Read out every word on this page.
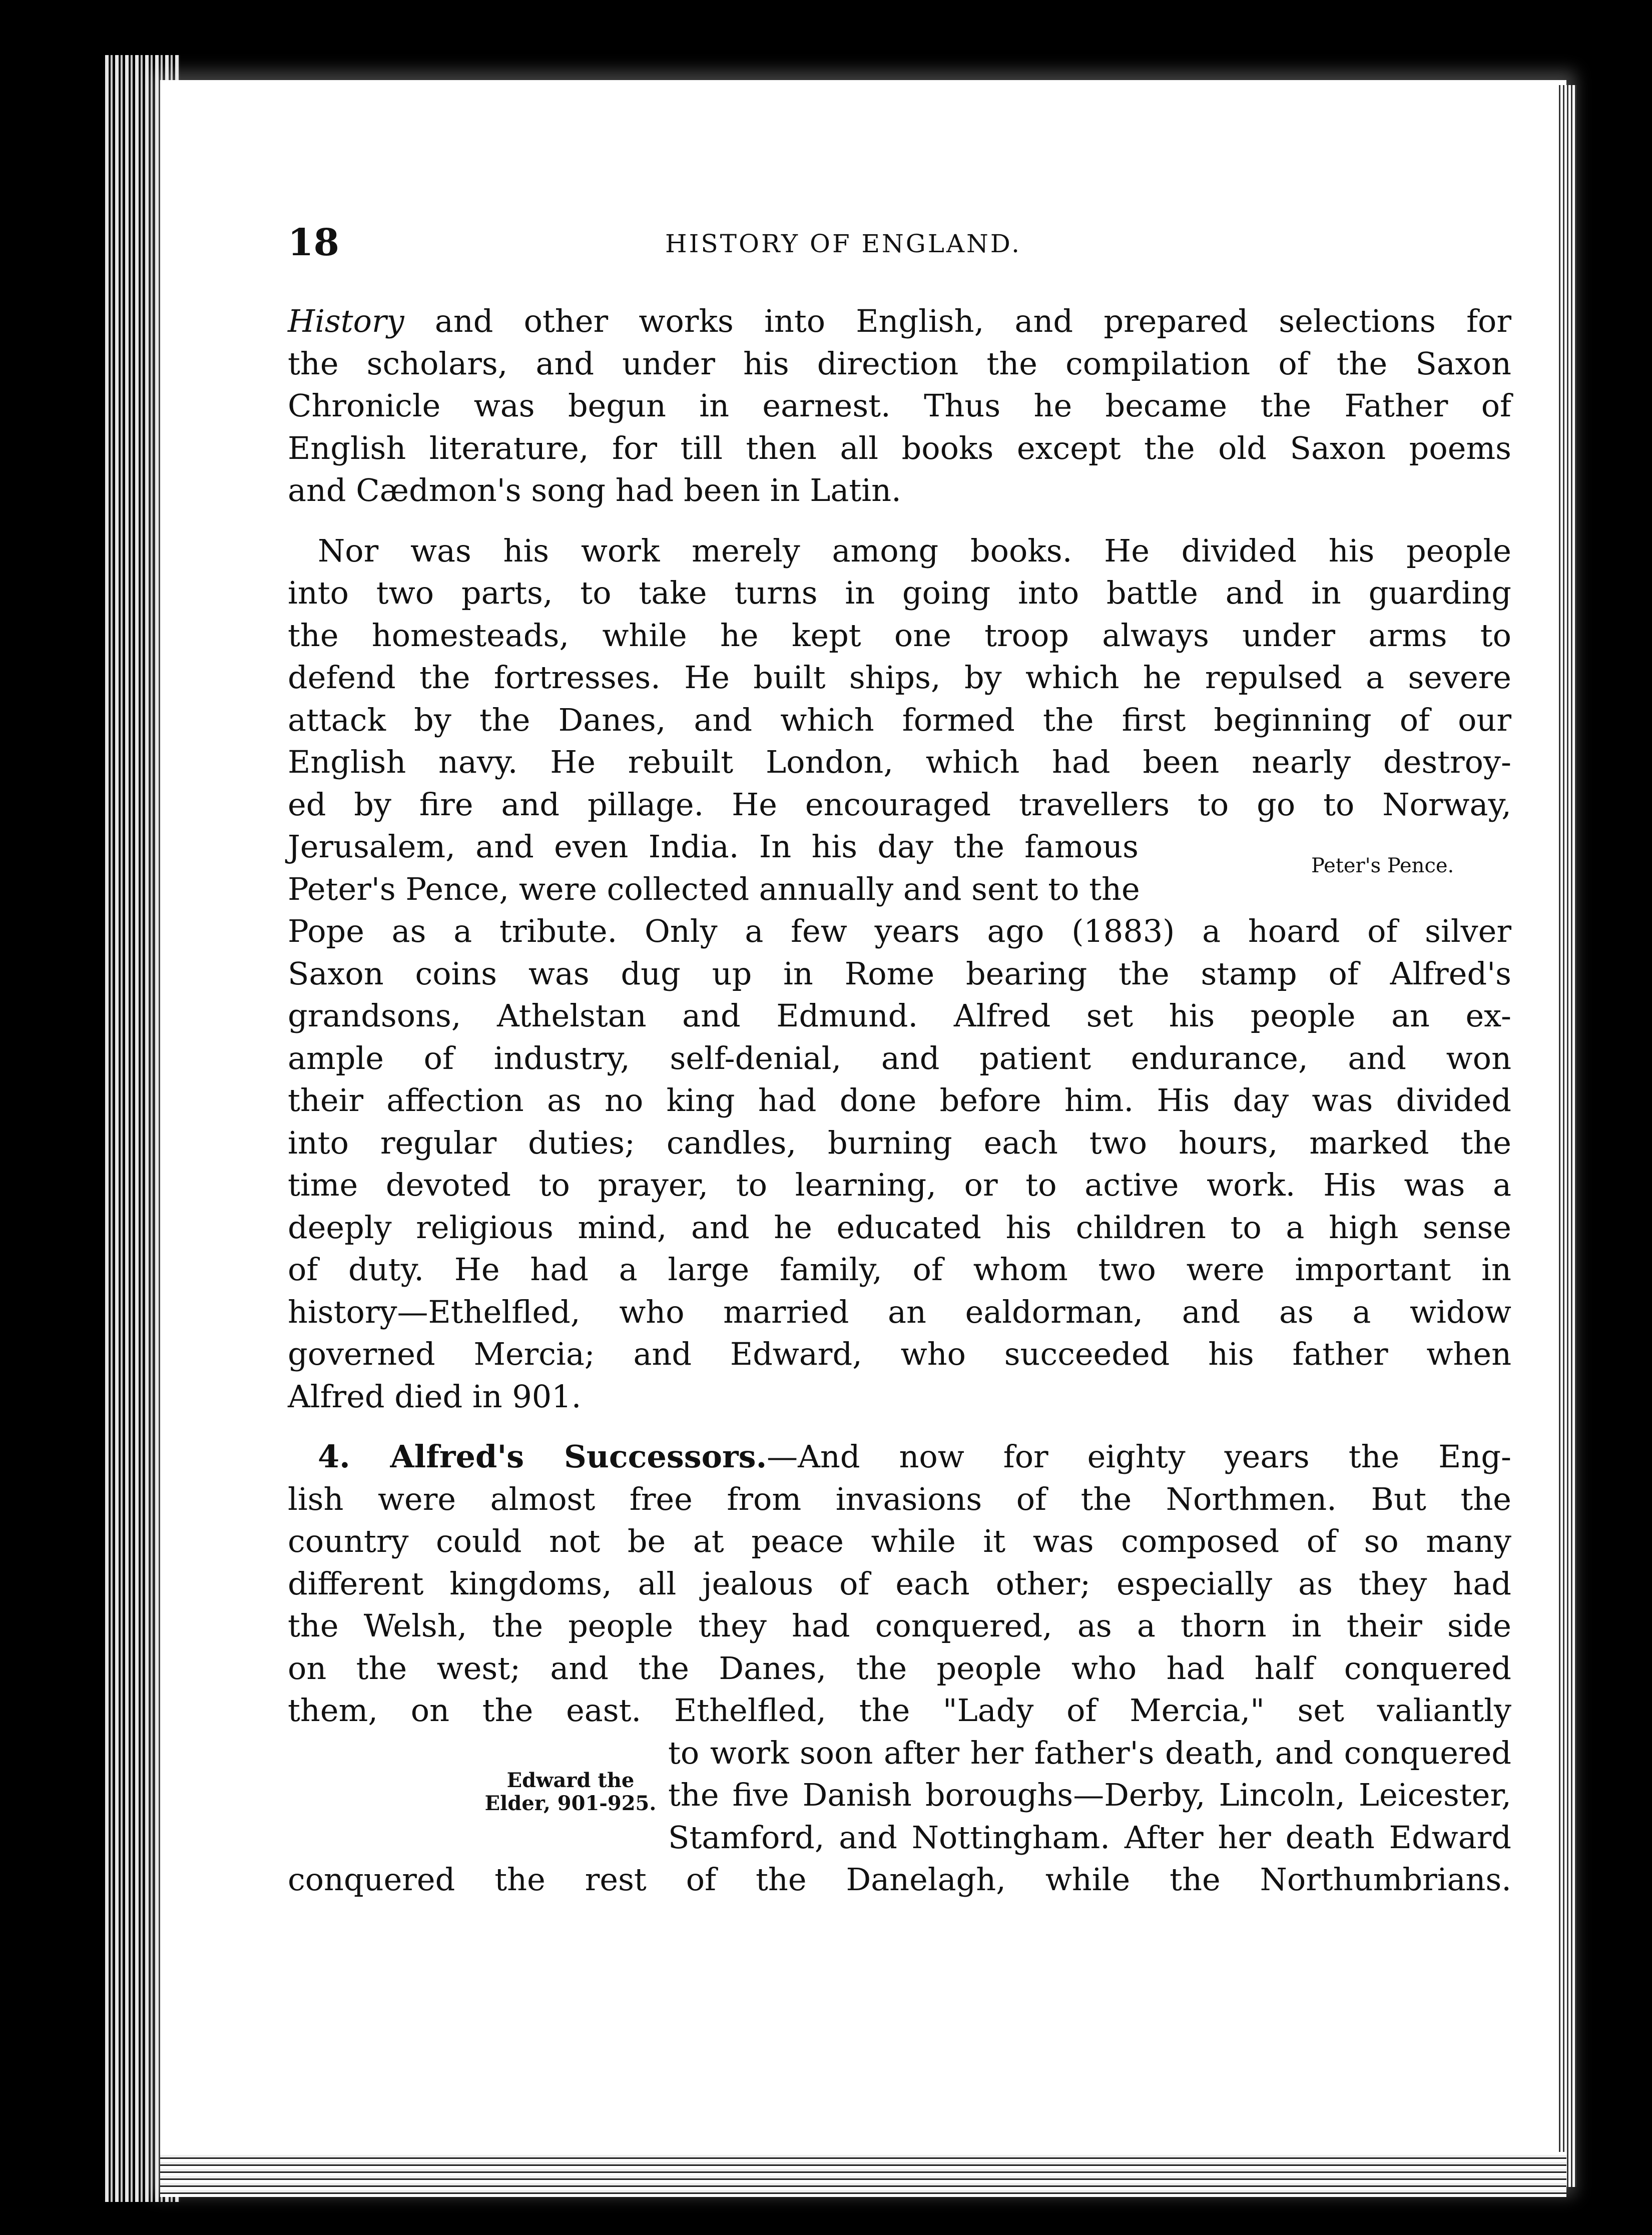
18	HISTORY OF ENGLAND.
History and other works into English, and prepared selections for
the scholars, and under his direction the compilation of the Saxon
Chronicle was begun in earnest. Thus he became the Father of
English literature, for till then all books except the old Saxon poems
and Cædmon's song had been in Latin.
Nor was his work merely among books. He divided his people
into two parts, to take turns in going into battle and in guarding
the homesteads, while he kept one troop always under arms to
defend the fortresses. He built ships, by which he repulsed a severe
attack by the Danes, and which formed the first beginning of our
English navy. He rebuilt London, which had been nearly destroy-
ed by fire and pillage. He encouraged travellers to go to Norway,
Jerusalem, and even India. In his day the famous
Peter's Pence, were collected annually and sent to the
Pope as a tribute. Only a few years ago (1883) a hoard of silver
Saxon coins was dug up in Rome bearing the stamp of Alfred's
grandsons, Athelstan and Edmund. Alfred set his people an ex-
ample of industry, self-denial, and patient endurance, and won
their affection as no king had done before him. His day was divided
into regular duties; candles, burning each two hours, marked the
time devoted to prayer, to learning, or to active work. His was a
deeply religious mind, and he educated his children to a high sense
of duty. He had a large family, of whom two were important in
history—Ethelfled, who married an ealdorman, and as a widow
governed Mercia; and Edward, who succeeded his father when
Alfred died in 901.
4. Alfred's Successors.—And now for eighty years the Eng-
lish were almost free from invasions of the Northmen. But the
country could not be at peace while it was composed of so many
different kingdoms, all jealous of each other; especially as they had
the Welsh, the people they had conquered, as a thorn in their side
on the west; and the Danes, the people who had half conquered
them, on the east. Ethelfled, the "Lady of Mercia," set valiantly
to work soon after her father's death, and conquered
the five Danish boroughs—Derby, Lincoln, Leicester,
Stamford, and Nottingham. After her death Edward
conquered the rest of the Danelagh, while the Northumbrians.
Peter's Pence.
Edward the
Elder, 901-925.
